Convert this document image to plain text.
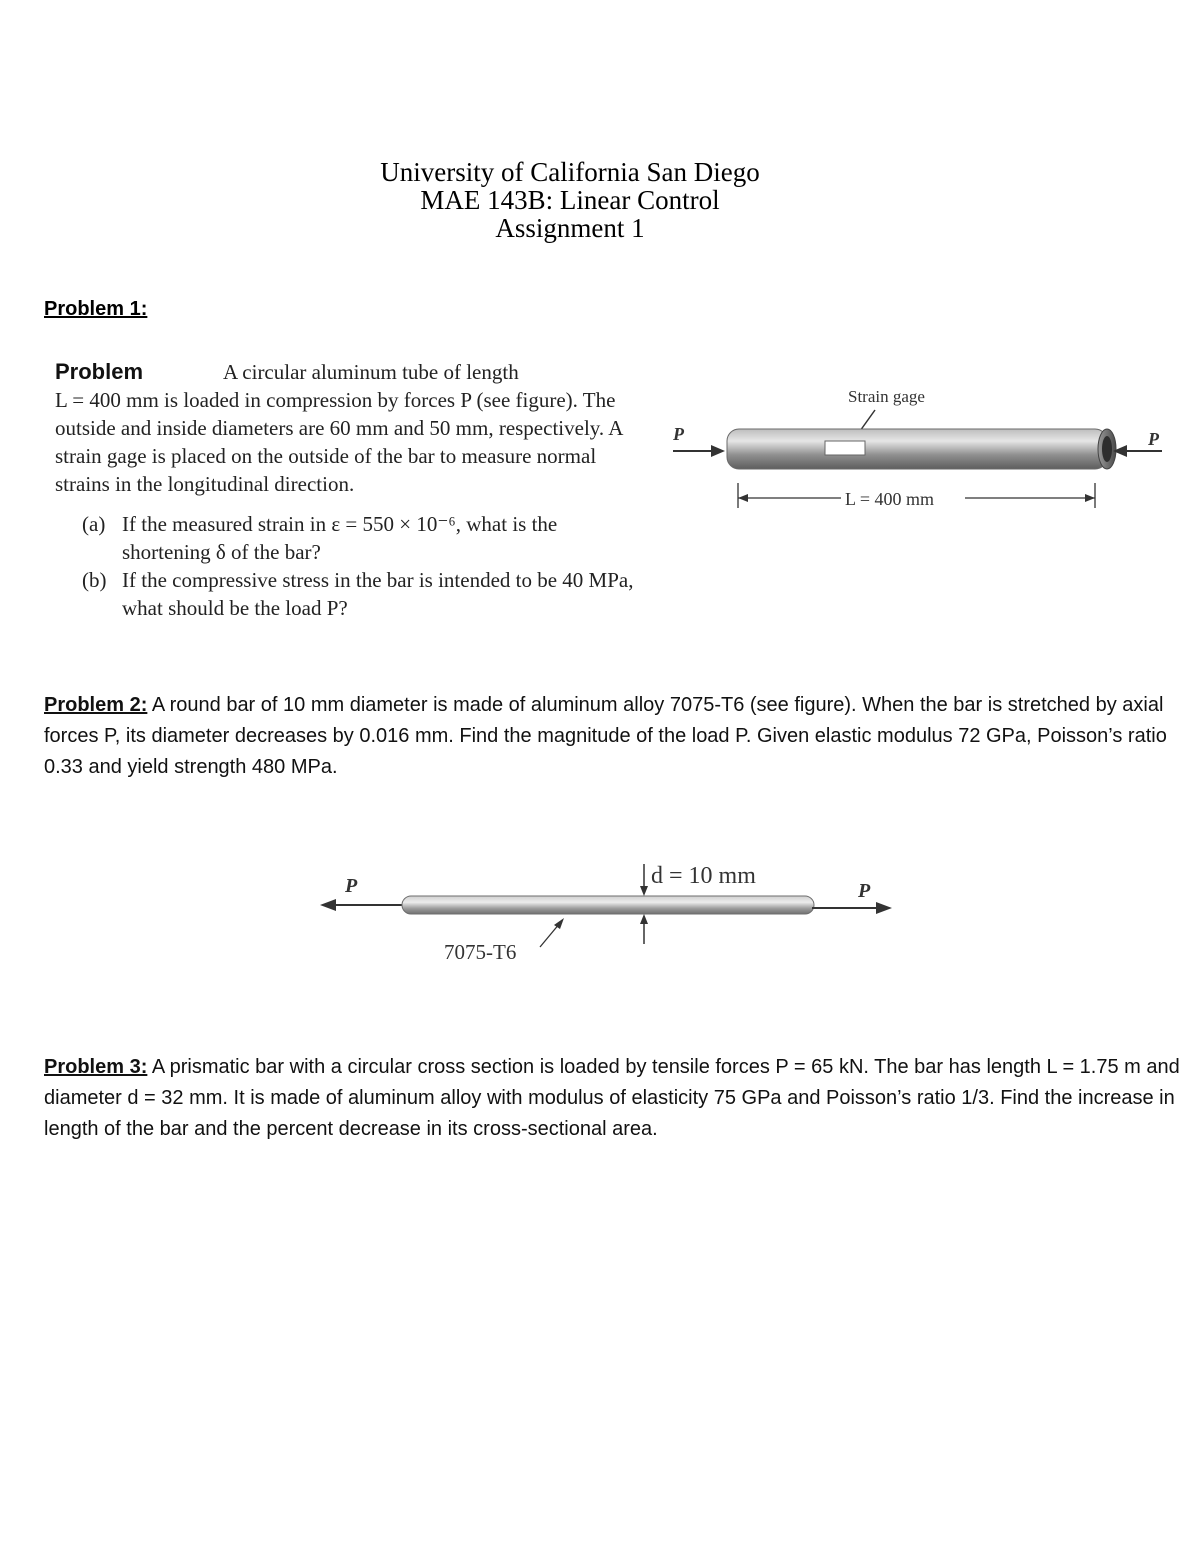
University of California San Diego
MAE 143B: Linear Control
Assignment 1
Problem 1:
Problem	A circular aluminum tube of length
L = 400 mm is loaded in compression by forces P (see figure). The outside and inside diameters are 60 mm and 50 mm, respectively. A strain gage is placed on the outside of the bar to measure normal strains in the longitudinal direction.
(a) If the measured strain in ε = 550 × 10⁻⁶, what is the shortening δ of the bar?
(b) If the compressive stress in the bar is intended to be 40 MPa, what should be the load P?
Strain gage
P	P
L = 400 mm
Problem 2: A round bar of 10 mm diameter is made of aluminum alloy 7075-T6 (see figure). When the bar is stretched by axial forces P, its diameter decreases by 0.016 mm. Find the magnitude of the load P. Given elastic modulus 72 GPa, Poisson’s ratio 0.33 and yield strength 480 MPa.
P	P
d = 10 mm
7075-T6
Problem 3: A prismatic bar with a circular cross section is loaded by tensile forces P = 65 kN. The bar has length L = 1.75 m and diameter d = 32 mm. It is made of aluminum alloy with modulus of elasticity 75 GPa and Poisson’s ratio 1/3. Find the increase in length of the bar and the percent decrease in its cross-sectional area.
